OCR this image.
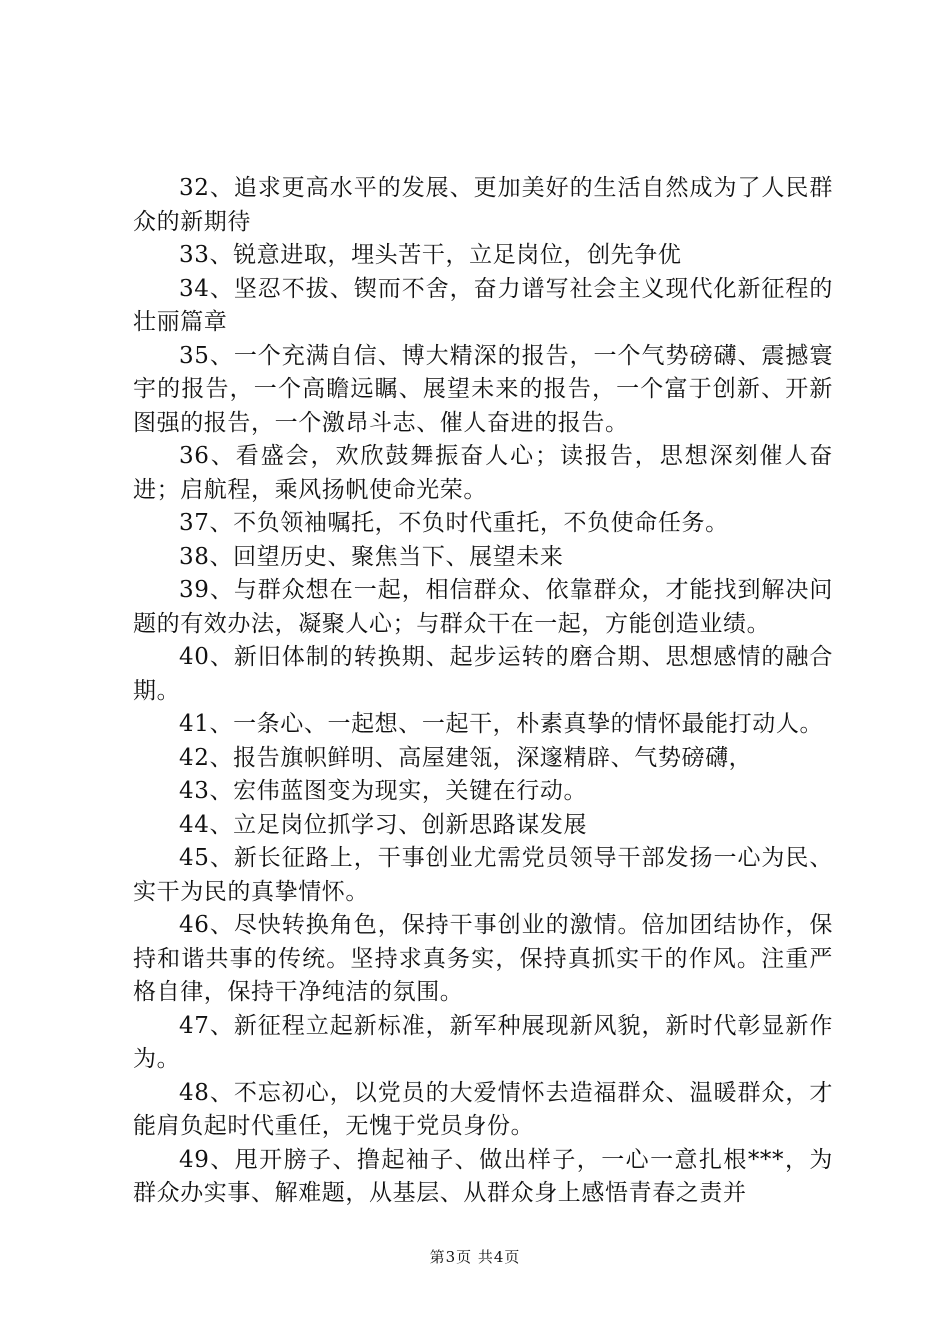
32、追求更高水平的发展、更加美好的生活自然成为了人民群众的新期待

33、锐意进取，埋头苦干，立足岗位，创先争优

34、坚忍不拔、锲而不舍，奋力谱写社会主义现代化新征程的壮丽篇章

35、一个充满自信、博大精深的报告，一个气势磅礴、震撼寰宇的报告，一个高瞻远瞩、展望未来的报告，一个富于创新、开新图强的报告，一个激昂斗志、催人奋进的报告。

36、看盛会，欢欣鼓舞振奋人心；读报告，思想深刻催人奋进；启航程，乘风扬帆使命光荣。

37、不负领袖嘱托，不负时代重托，不负使命任务。

38、回望历史、聚焦当下、展望未来

39、与群众想在一起，相信群众、依靠群众，才能找到解决问题的有效办法，凝聚人心；与群众干在一起，方能创造业绩。

40、新旧体制的转换期、起步运转的磨合期、思想感情的融合期。

41、一条心、一起想、一起干，朴素真挚的情怀最能打动人。

42、报告旗帜鲜明、高屋建瓴，深邃精辟、气势磅礴，

43、宏伟蓝图变为现实，关键在行动。

44、立足岗位抓学习、创新思路谋发展

45、新长征路上，干事创业尤需党员领导干部发扬一心为民、实干为民的真挚情怀。

46、尽快转换角色，保持干事创业的激情。倍加团结协作，保持和谐共事的传统。坚持求真务实，保持真抓实干的作风。注重严格自律，保持干净纯洁的氛围。

47、新征程立起新标准，新军种展现新风貌，新时代彰显新作为。

48、不忘初心，以党员的大爱情怀去造福群众、温暖群众，才能肩负起时代重任，无愧于党员身份。

49、甩开膀子、撸起袖子、做出样子，一心一意扎根***，为群众办实事、解难题，从基层、从群众身上感悟青春之责并

第3页 共4页
